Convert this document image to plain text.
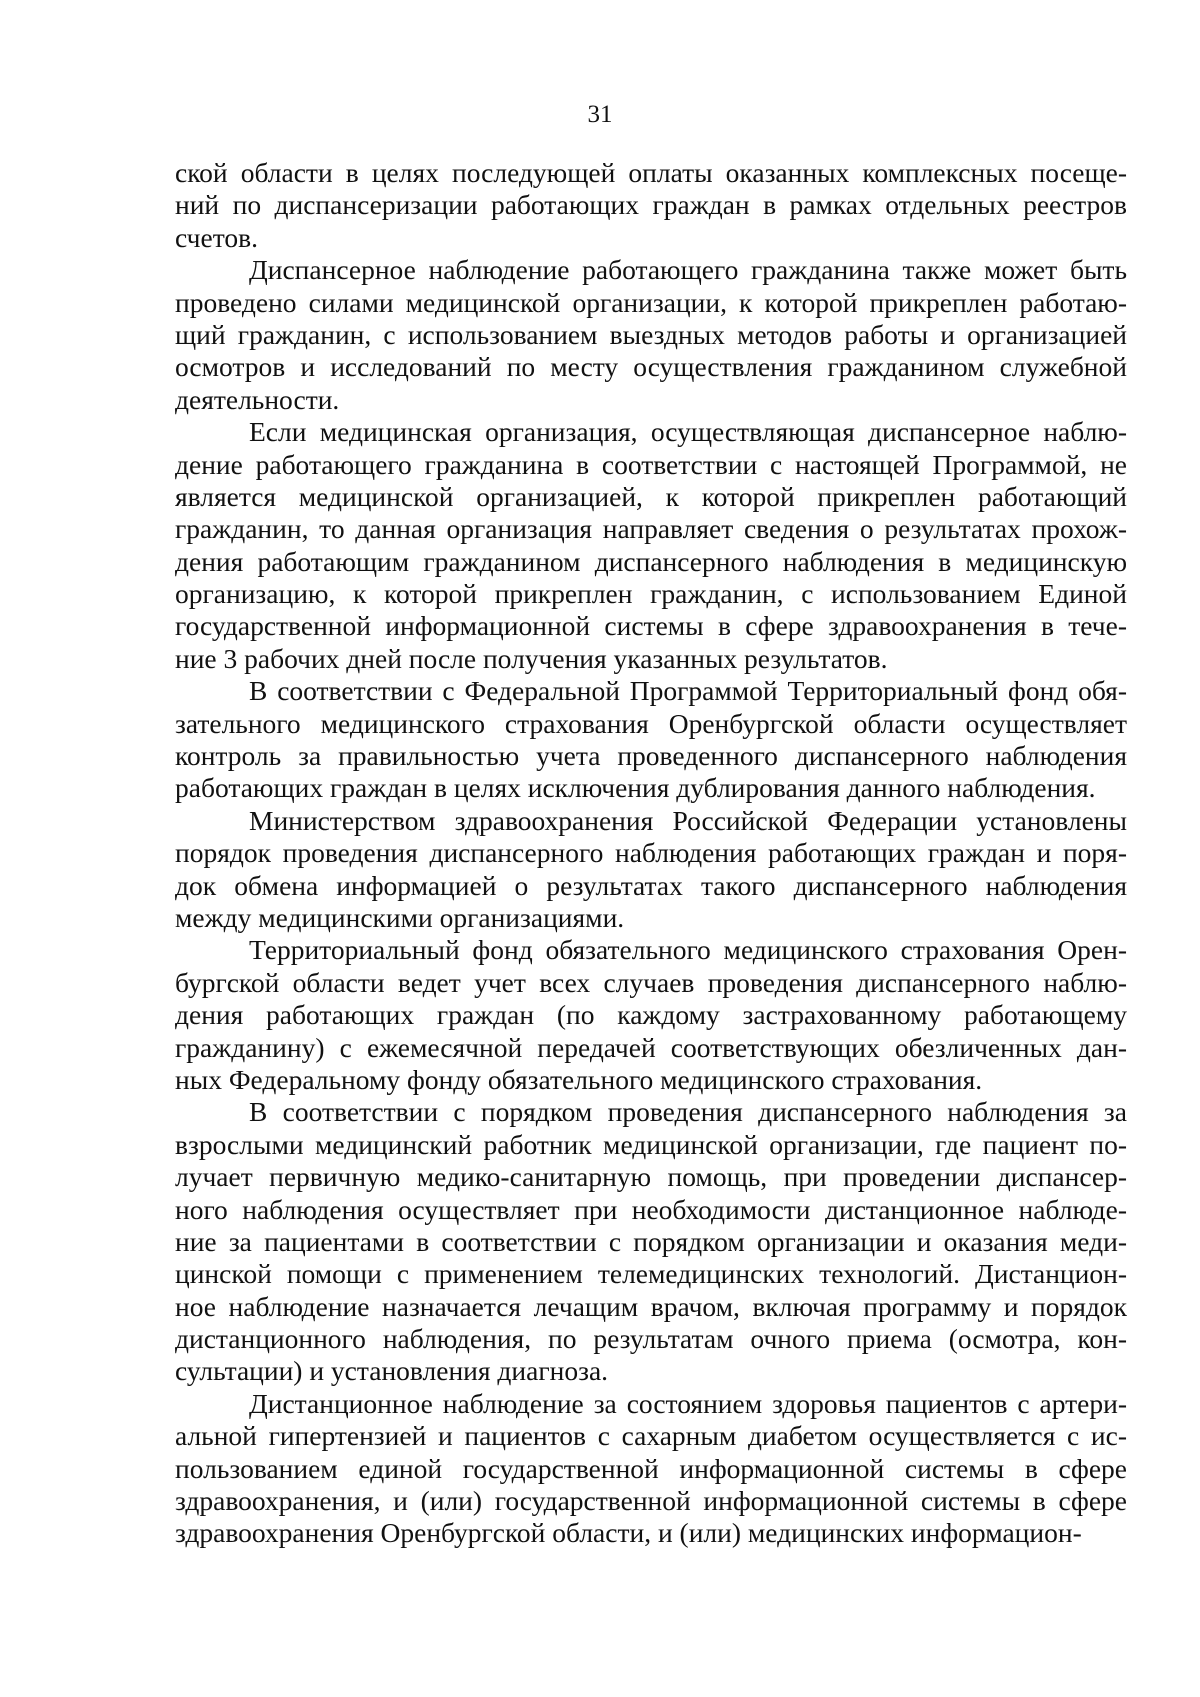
31
ской области в целях последующей оплаты оказанных комплексных посеще-
ний по диспансеризации работающих граждан в рамках отдельных реестров
счетов.
Диспансерное наблюдение работающего гражданина также может быть
проведено силами медицинской организации, к которой прикреплен работаю-
щий гражданин, с использованием выездных методов работы и организацией
осмотров и исследований по месту осуществления гражданином служебной
деятельности.
Если медицинская организация, осуществляющая диспансерное наблю-
дение работающего гражданина в соответствии с настоящей Программой, не
является медицинской организацией, к которой прикреплен работающий
гражданин, то данная организация направляет сведения о результатах прохож-
дения работающим гражданином диспансерного наблюдения в медицинскую
организацию, к которой прикреплен гражданин, с использованием Единой
государственной информационной системы в сфере здравоохранения в тече-
ние 3 рабочих дней после получения указанных результатов.
В соответствии с Федеральной Программой Территориальный фонд обя-
зательного медицинского страхования Оренбургской области осуществляет
контроль за правильностью учета проведенного диспансерного наблюдения
работающих граждан в целях исключения дублирования данного наблюдения.
Министерством здравоохранения Российской Федерации установлены
порядок проведения диспансерного наблюдения работающих граждан и поря-
док обмена информацией о результатах такого диспансерного наблюдения
между медицинскими организациями.
Территориальный фонд обязательного медицинского страхования Орен-
бургской области ведет учет всех случаев проведения диспансерного наблю-
дения работающих граждан (по каждому застрахованному работающему
гражданину) с ежемесячной передачей соответствующих обезличенных дан-
ных Федеральному фонду обязательного медицинского страхования.
В соответствии с порядком проведения диспансерного наблюдения за
взрослыми медицинский работник медицинской организации, где пациент по-
лучает первичную медико-санитарную помощь, при проведении диспансер-
ного наблюдения осуществляет при необходимости дистанционное наблюде-
ние за пациентами в соответствии с порядком организации и оказания меди-
цинской помощи с применением телемедицинских технологий. Дистанцион-
ное наблюдение назначается лечащим врачом, включая программу и порядок
дистанционного наблюдения, по результатам очного приема (осмотра, кон-
сультации) и установления диагноза.
Дистанционное наблюдение за состоянием здоровья пациентов с артери-
альной гипертензией и пациентов с сахарным диабетом осуществляется с ис-
пользованием единой государственной информационной системы в сфере
здравоохранения, и (или) государственной информационной системы в сфере
здравоохранения Оренбургской области, и (или) медицинских информацион-
